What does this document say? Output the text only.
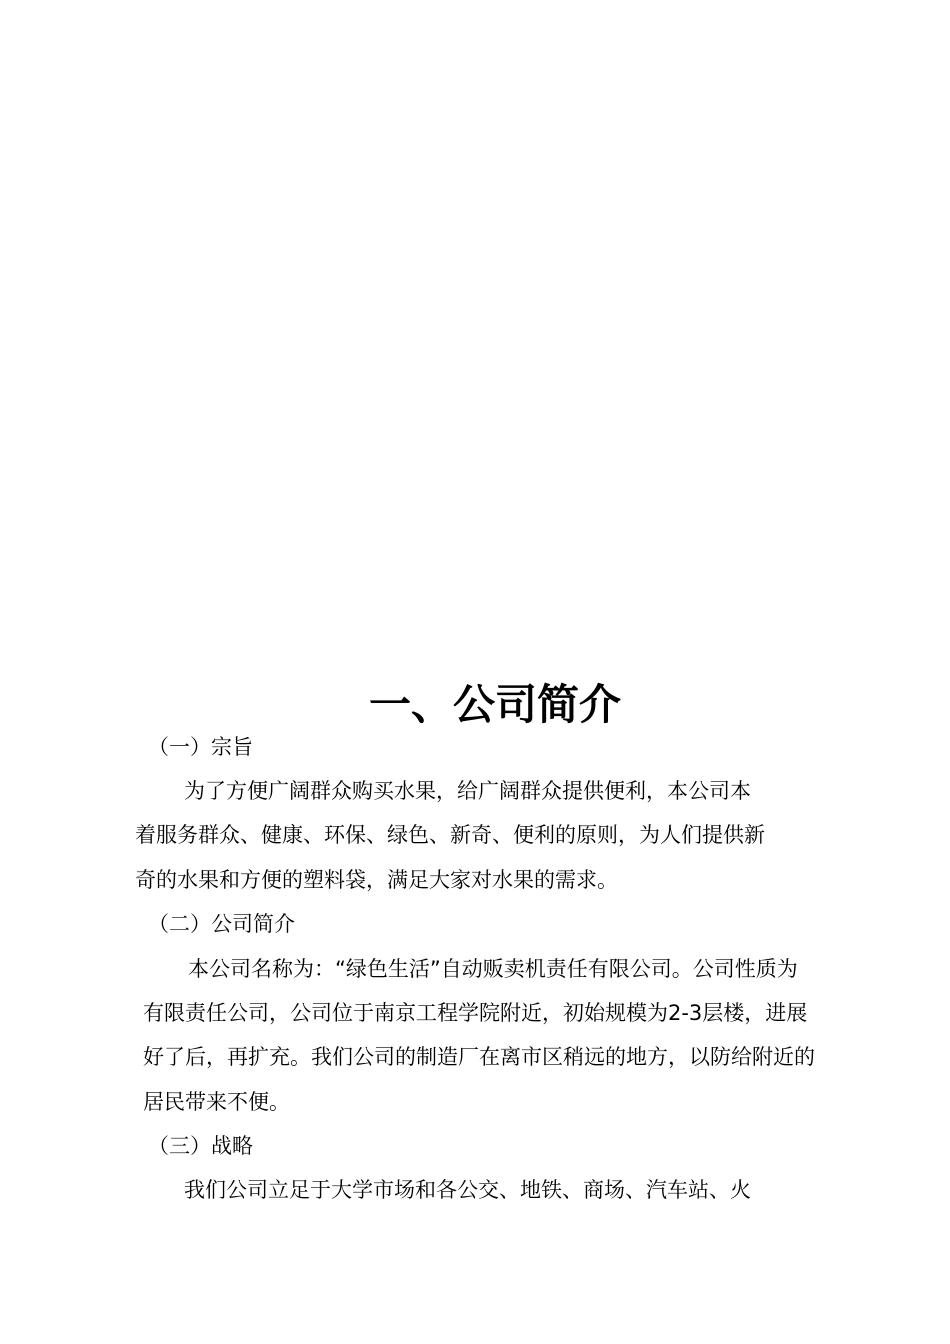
一、公司简介
（一）宗旨
为了方便广阔群众购买水果，给广阔群众提供便利，本公司本
着服务群众、健康、环保、绿色、新奇、便利的原则，为人们提供新
奇的水果和方便的塑料袋，满足大家对水果的需求。
（二）公司简介
本公司名称为：“绿色生活”自动贩卖机责任有限公司。公司性质为
有限责任公司，公司位于南京工程学院附近，初始规模为2-3层楼，进展
好了后，再扩充。我们公司的制造厂在离市区稍远的地方，以防给附近的
居民带来不便。
（三）战略
我们公司立足于大学市场和各公交、地铁、商场、汽车站、火
